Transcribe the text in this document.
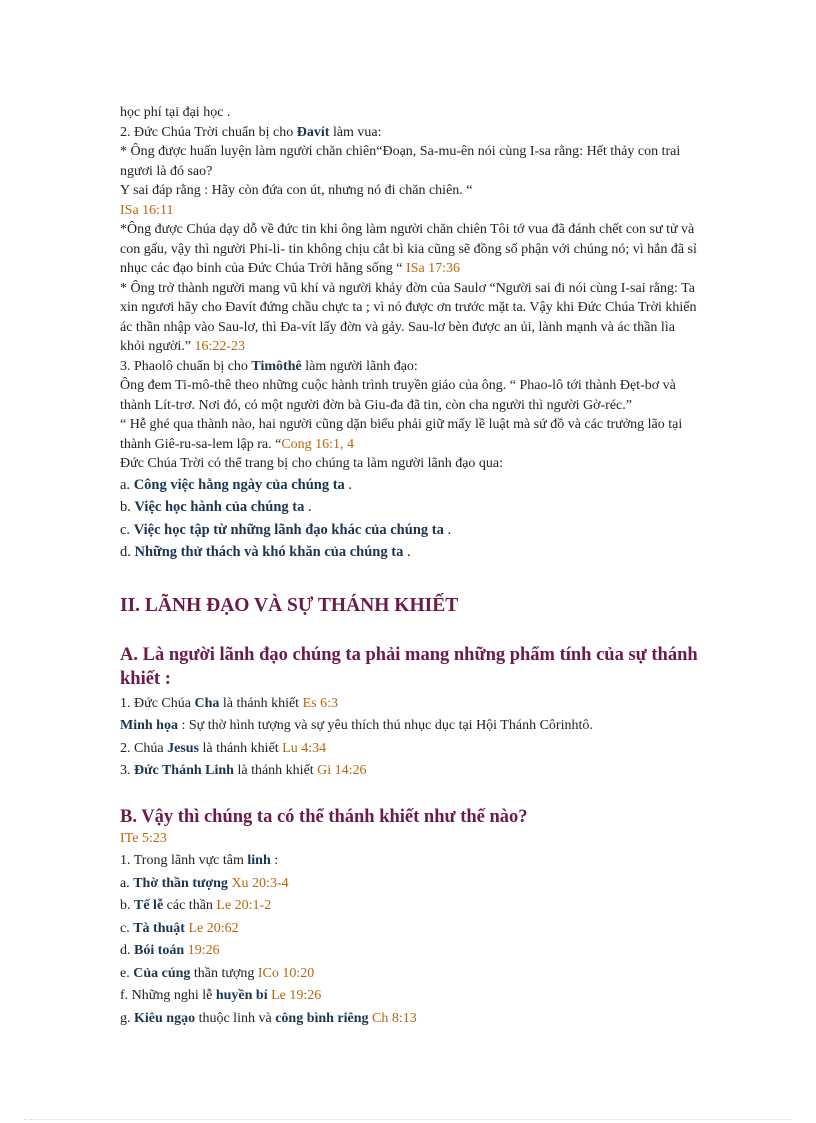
học phí tại đại học .

2. Đức Chúa Trời chuẩn bị cho Đavít làm vua:

* Ông được huấn luyện làm người chăn chiên“Đoạn, Sa-mu-ên nói cùng I-sa rằng: Hết thảy con trai ngươi là đó sao?

Y sai đáp rằng : Hãy còn đứa con út, nhưng nó đi chăn chiên. “

ISa 16:11

*Ông được Chúa dạy dỗ về đức tin khi ông làm người chăn chiên Tôi tớ vua đã đánh chết con sư tử và con gấu, vậy thì người Phi-li- tin không chịu cắt bì kia cũng sẽ đồng số phận với chúng nó; vì hắn đã sỉ nhục các đạo binh của Đức Chúa Trời hằng sống “ ISa 17:36

* Ông trở thành người mang vũ khí và người khảy đờn của Saulơ “Người sai đi nói cùng I-sai rằng: Ta xin ngươi hãy cho Đavít đứng chầu chực ta ; vì nó được ơn trước mặt ta. Vậy khi Đức Chúa Trời khiến ác thần nhập vào Sau-lơ, thì Đa-vít lấy đờn và gảy. Sau-lơ bèn được an ủi, lành mạnh và ác thần lìa khỏi người.” 16:22-23

3. Phaolô chuẩn bị cho Timôthê làm người lãnh đạo:

Ông đem Ti-mô-thê theo những cuộc hành trình truyền giáo của ông. “ Phao-lô tới thành Đẹt-bơ và thành Lít-trơ. Nơi đó, có một người đờn bà Giu-đa đã tin, còn cha người thì người Gờ-réc.”

“ Hễ ghé qua thành nào, hai người cũng dặn biểu phải giữ mấy lề luật mà sứ đồ và các trưởng lão tại thành Giê-ru-sa-lem lập ra. “Cong 16:1, 4

Đức Chúa Trời có thể trang bị cho chúng ta làm người lãnh đạo qua:

a. Công việc hằng ngày của chúng ta .

b. Việc học hành của chúng ta .

c. Việc học tập từ những lãnh đạo khác của chúng ta .

d. Những thử thách và khó khăn của chúng ta .

II. LÃNH ĐẠO VÀ SỰ THÁNH KHIẾT
A. Là người lãnh đạo chúng ta phải mang những phẩm tính của sự thánh khiết :

1. Đức Chúa Cha là thánh khiết Es 6:3

Minh họa : Sự thờ hình tượng và sự yêu thích thú nhục dục tại Hội Thánh Côrinhtô.

2. Chúa Jesus là thánh khiết Lu 4:34

3. Đức Thánh Linh là thánh khiết Gi 14:26

B. Vậy thì chúng ta có thể thánh khiết như thế nào?

ITe 5:23

1. Trong lãnh vực tâm linh :

a. Thờ thần tượng Xu 20:3-4

b. Tế lễ các thần Le 20:1-2

c. Tà thuật Le 20:62

d. Bói toán 19:26

e. Của cúng thần tượng ICo 10:20

f. Những nghi lễ huyền bí Le 19:26

g. Kiêu ngạo thuộc linh và công bình riêng Ch 8:13
